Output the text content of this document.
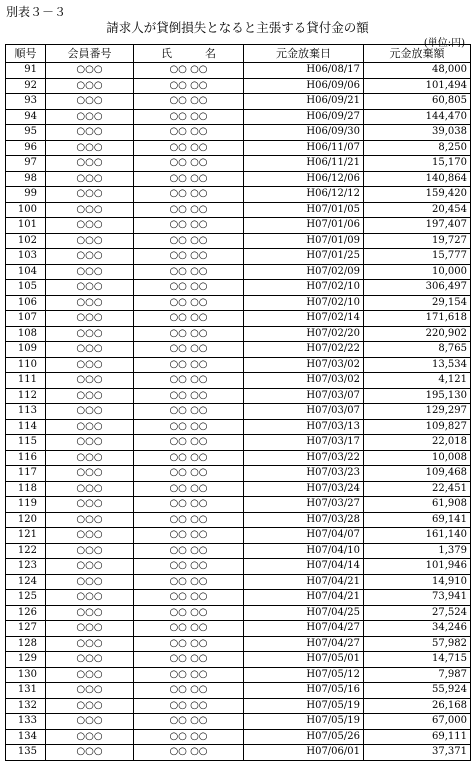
別表３－３
請求人が貸倒損失となると主張する貸付金の額
(単位:円)
順号	会員番号	氏　　　名	元金放棄日	元金放棄額
91	○○○	○○ ○○	H06/08/17	48,000
92	○○○	○○ ○○	H06/09/06	101,494
93	○○○	○○ ○○	H06/09/21	60,805
94	○○○	○○ ○○	H06/09/27	144,470
95	○○○	○○ ○○	H06/09/30	39,038
96	○○○	○○ ○○	H06/11/07	8,250
97	○○○	○○ ○○	H06/11/21	15,170
98	○○○	○○ ○○	H06/12/06	140,864
99	○○○	○○ ○○	H06/12/12	159,420
100	○○○	○○ ○○	H07/01/05	20,454
101	○○○	○○ ○○	H07/01/06	197,407
102	○○○	○○ ○○	H07/01/09	19,727
103	○○○	○○ ○○	H07/01/25	15,777
104	○○○	○○ ○○	H07/02/09	10,000
105	○○○	○○ ○○	H07/02/10	306,497
106	○○○	○○ ○○	H07/02/10	29,154
107	○○○	○○ ○○	H07/02/14	171,618
108	○○○	○○ ○○	H07/02/20	220,902
109	○○○	○○ ○○	H07/02/22	8,765
110	○○○	○○ ○○	H07/03/02	13,534
111	○○○	○○ ○○	H07/03/02	4,121
112	○○○	○○ ○○	H07/03/07	195,130
113	○○○	○○ ○○	H07/03/07	129,297
114	○○○	○○ ○○	H07/03/13	109,827
115	○○○	○○ ○○	H07/03/17	22,018
116	○○○	○○ ○○	H07/03/22	10,008
117	○○○	○○ ○○	H07/03/23	109,468
118	○○○	○○ ○○	H07/03/24	22,451
119	○○○	○○ ○○	H07/03/27	61,908
120	○○○	○○ ○○	H07/03/28	69,141
121	○○○	○○ ○○	H07/04/07	161,140
122	○○○	○○ ○○	H07/04/10	1,379
123	○○○	○○ ○○	H07/04/14	101,946
124	○○○	○○ ○○	H07/04/21	14,910
125	○○○	○○ ○○	H07/04/21	73,941
126	○○○	○○ ○○	H07/04/25	27,524
127	○○○	○○ ○○	H07/04/27	34,246
128	○○○	○○ ○○	H07/04/27	57,982
129	○○○	○○ ○○	H07/05/01	14,715
130	○○○	○○ ○○	H07/05/12	7,987
131	○○○	○○ ○○	H07/05/16	55,924
132	○○○	○○ ○○	H07/05/19	26,168
133	○○○	○○ ○○	H07/05/19	67,000
134	○○○	○○ ○○	H07/05/26	69,111
135	○○○	○○ ○○	H07/06/01	37,371
